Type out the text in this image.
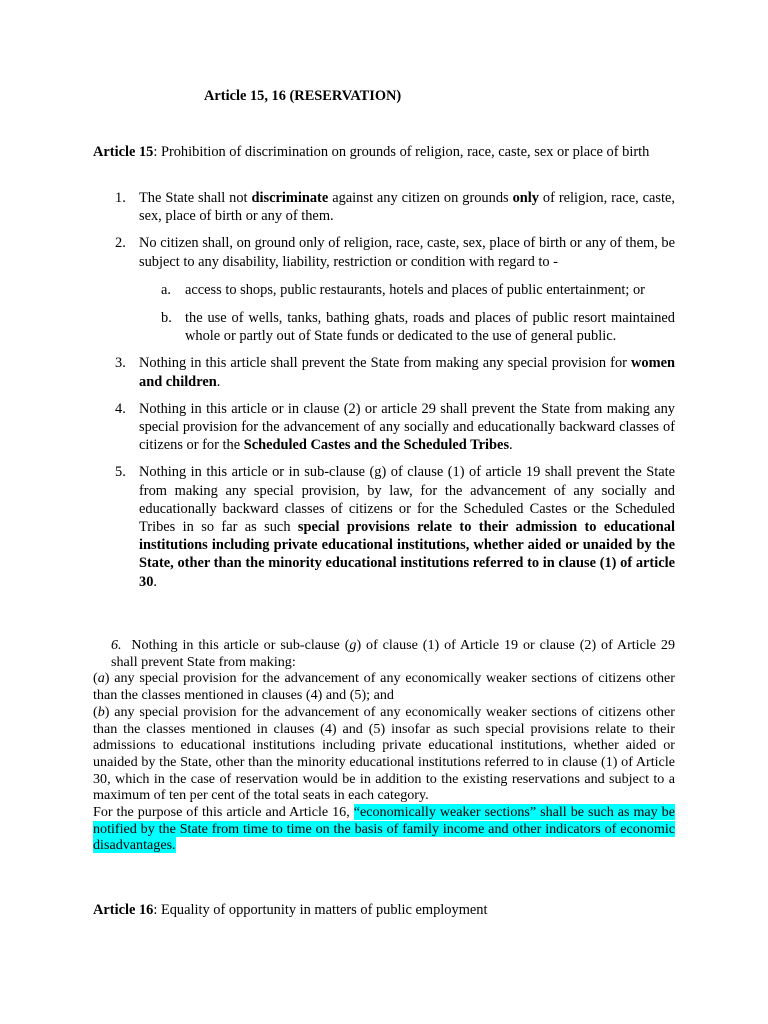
Article 15, 16 (RESERVATION)
Article 15: Prohibition of discrimination on grounds of religion, race, caste, sex or place of birth
1. The State shall not discriminate against any citizen on grounds only of religion, race, caste, sex, place of birth or any of them.
2. No citizen shall, on ground only of religion, race, caste, sex, place of birth or any of them, be subject to any disability, liability, restriction or condition with regard to -
a. access to shops, public restaurants, hotels and places of public entertainment; or
b. the use of wells, tanks, bathing ghats, roads and places of public resort maintained whole or partly out of State funds or dedicated to the use of general public.
3. Nothing in this article shall prevent the State from making any special provision for women and children.
4. Nothing in this article or in clause (2) or article 29 shall prevent the State from making any special provision for the advancement of any socially and educationally backward classes of citizens or for the Scheduled Castes and the Scheduled Tribes.
5. Nothing in this article or in sub-clause (g) of clause (1) of article 19 shall prevent the State from making any special provision, by law, for the advancement of any socially and educationally backward classes of citizens or for the Scheduled Castes or the Scheduled Tribes in so far as such special provisions relate to their admission to educational institutions including private educational institutions, whether aided or unaided by the State, other than the minority educational institutions referred to in clause (1) of article 30.
6. Nothing in this article or sub-clause (g) of clause (1) of Article 19 or clause (2) of Article 29 shall prevent State from making:
(a) any special provision for the advancement of any economically weaker sections of citizens other than the classes mentioned in clauses (4) and (5); and
(b) any special provision for the advancement of any economically weaker sections of citizens other than the classes mentioned in clauses (4) and (5) insofar as such special provisions relate to their admissions to educational institutions including private educational institutions, whether aided or unaided by the State, other than the minority educational institutions referred to in clause (1) of Article 30, which in the case of reservation would be in addition to the existing reservations and subject to a maximum of ten per cent of the total seats in each category.
For the purpose of this article and Article 16, “economically weaker sections” shall be such as may be notified by the State from time to time on the basis of family income and other indicators of economic disadvantages.
Article 16: Equality of opportunity in matters of public employment
